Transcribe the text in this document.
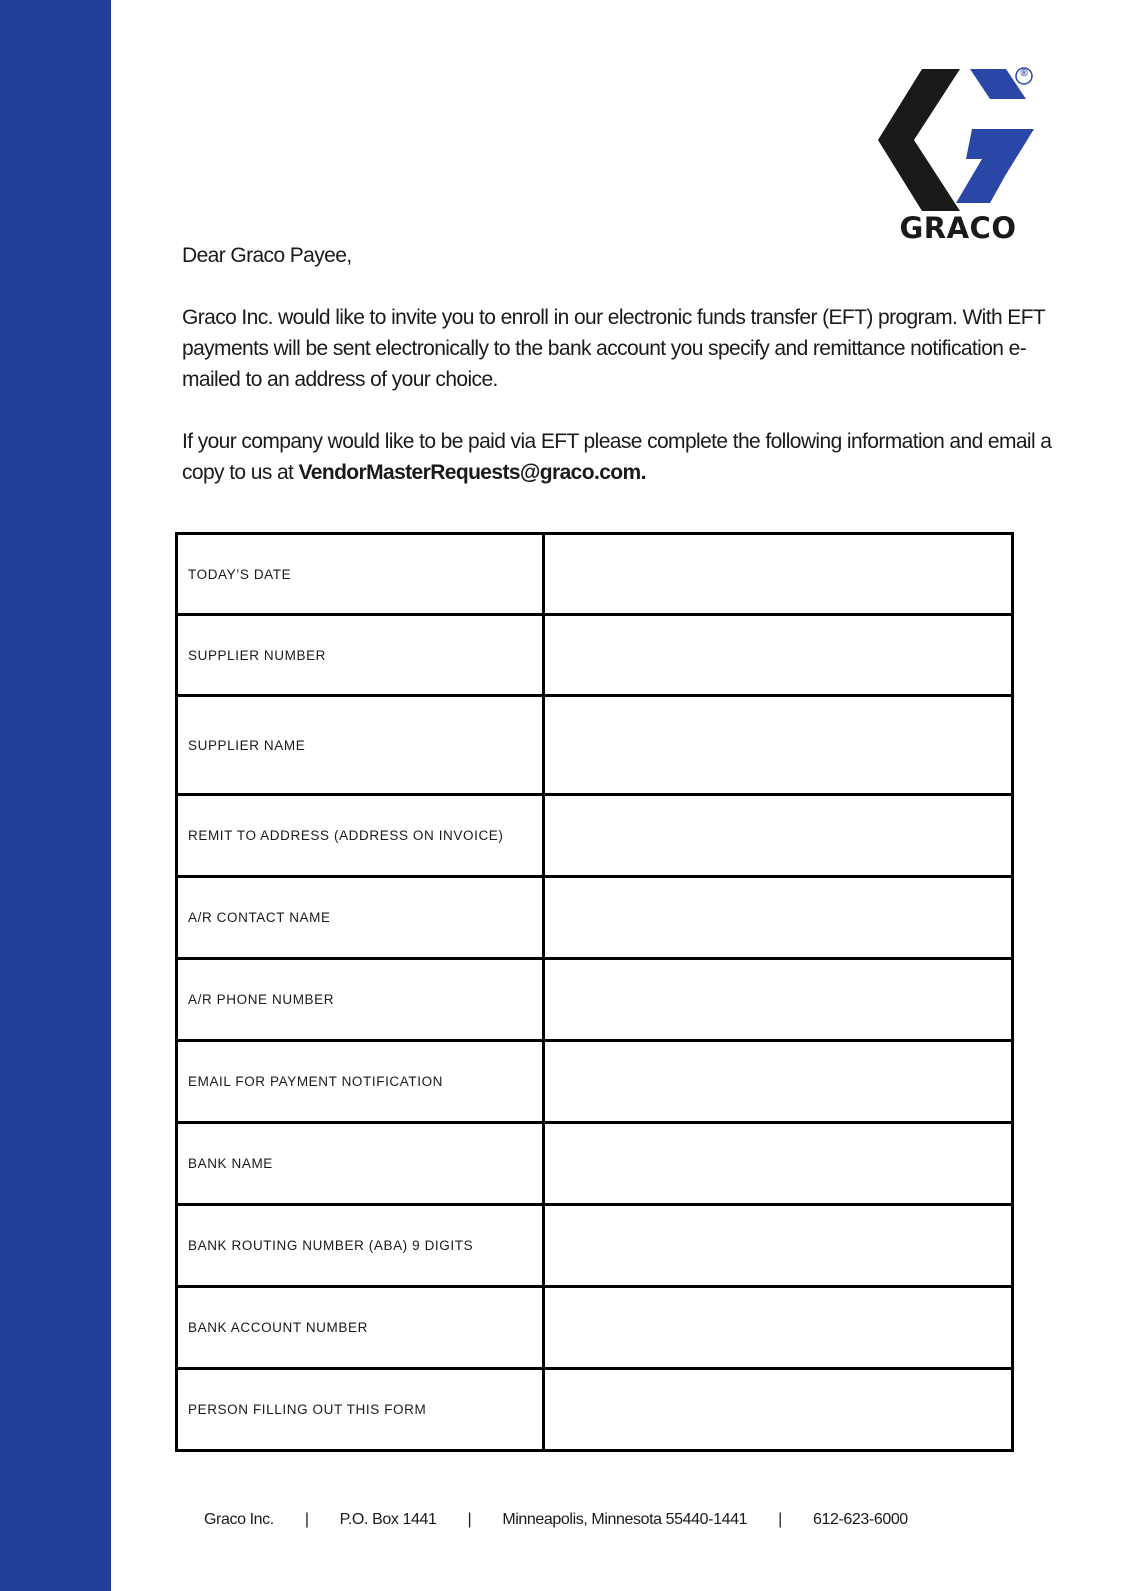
®
GRACO

Dear Graco Payee,

Graco Inc. would like to invite you to enroll in our electronic funds transfer (EFT) program. With EFT payments will be sent electronically to the bank account you specify and remittance notification e-mailed to an address of your choice.

If your company would like to be paid via EFT please complete the following information and email a copy to us at VendorMasterRequests@graco.com.

TODAY’S DATE	
SUPPLIER NUMBER	
SUPPLIER NAME	
REMIT TO ADDRESS (ADDRESS ON INVOICE)	
A/R CONTACT NAME	
A/R PHONE NUMBER	
EMAIL FOR PAYMENT NOTIFICATION	
BANK NAME	
BANK ROUTING NUMBER (ABA) 9 DIGITS	
BANK ACCOUNT NUMBER	
PERSON FILLING OUT THIS FORM	
Graco Inc. | P.O. Box 1441 | Minneapolis, Minnesota 55440-1441 | 612-623-6000
